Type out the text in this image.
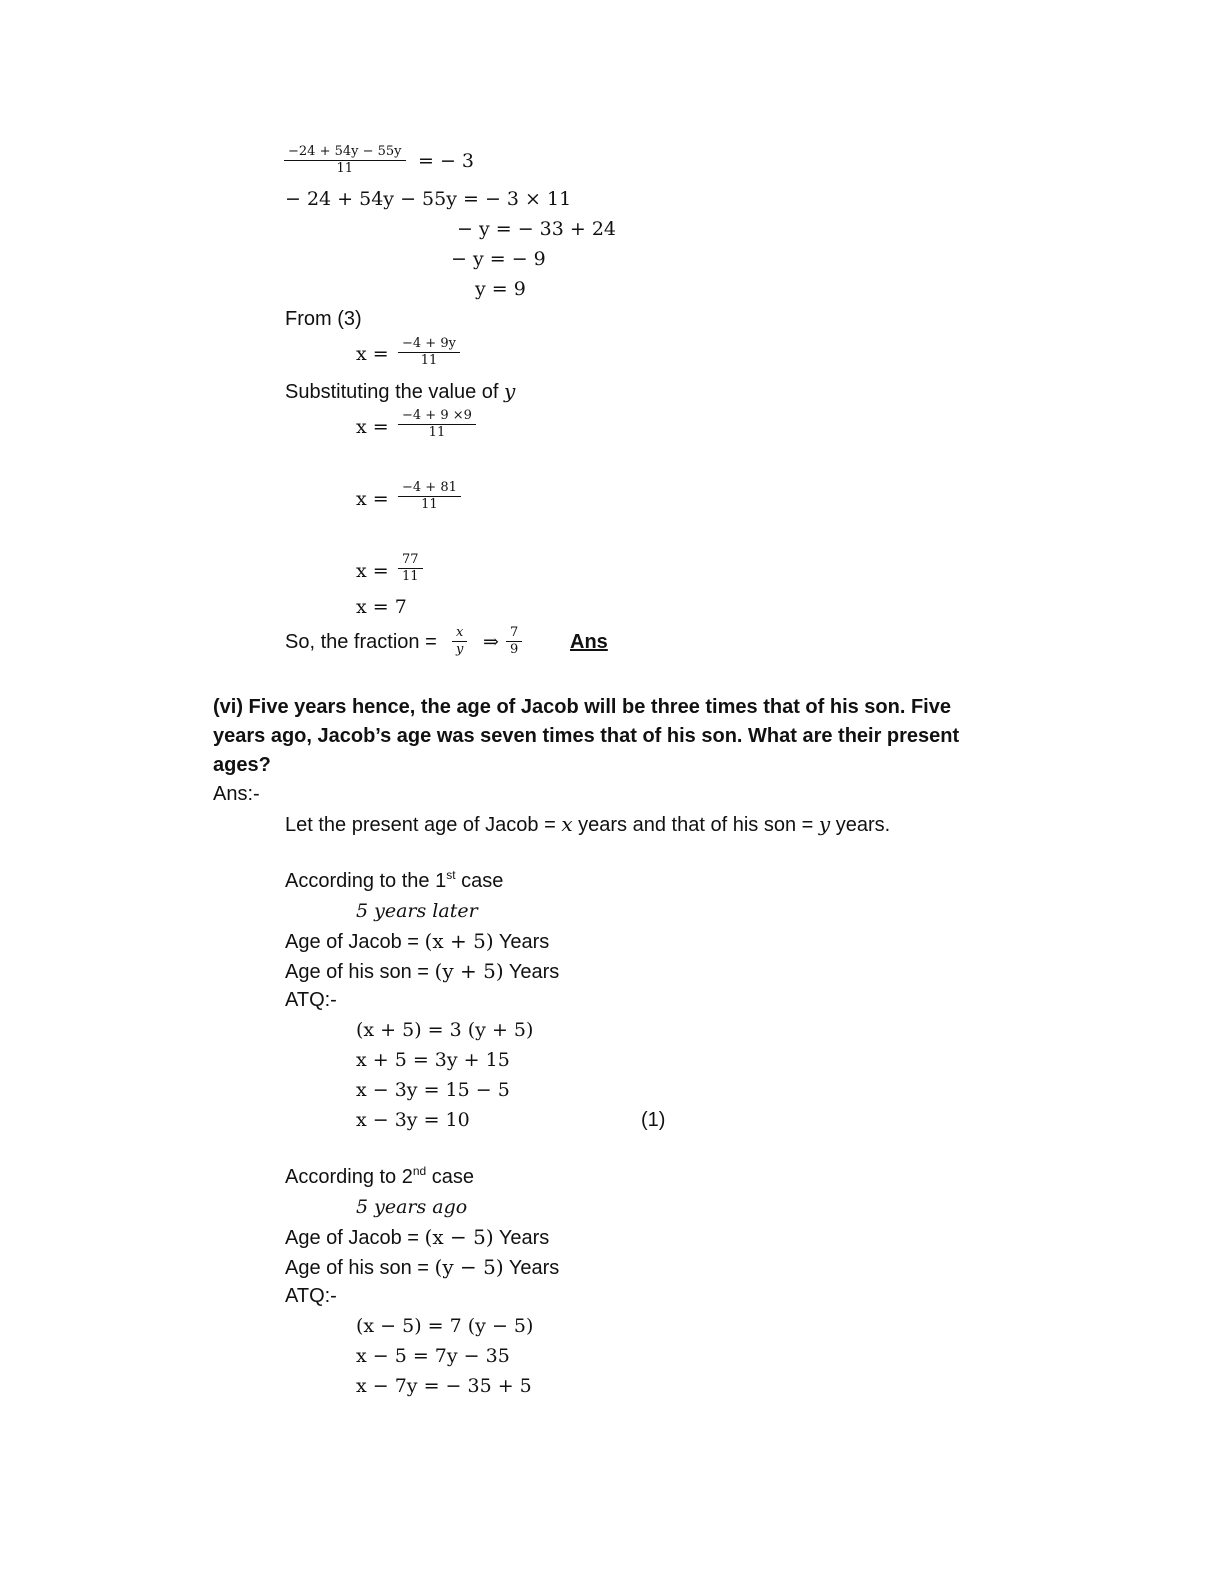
$\frac{-24 + 54y - 55y}{11}$ = − 3
− 24 + 54y − 55y = − 3 × 11
− y = − 33 + 24
− y = − 9
y = 9
From (3)
$x = \frac{-4 + 9y}{11}$
Substituting the value of y
$x = \frac{-4 + 9 \times 9}{11}$
$x = \frac{-4 + 81}{11}$
$x = \frac{77}{11}$
x = 7
So, the fraction = $\frac{x}{y}$ ⇒ $\frac{7}{9}$ Ans
(vi) Five years hence, the age of Jacob will be three times that of his son. Five
years ago, Jacob’s age was seven times that of his son. What are their present
ages?
Ans:-
Let the present age of Jacob = x years and that of his son = y years.
According to the 1st case
5 years later
Age of Jacob = (x + 5) Years
Age of his son = (y + 5) Years
ATQ:-
(x + 5) = 3 (y + 5)
x + 5 = 3y + 15
x − 3y = 15 − 5
x − 3y = 10	(1)
According to 2nd case
5 years ago
Age of Jacob = (x − 5) Years
Age of his son = (y − 5) Years
ATQ:-
(x − 5) = 7 (y − 5)
x − 5 = 7y − 35
x − 7y = − 35 + 5
